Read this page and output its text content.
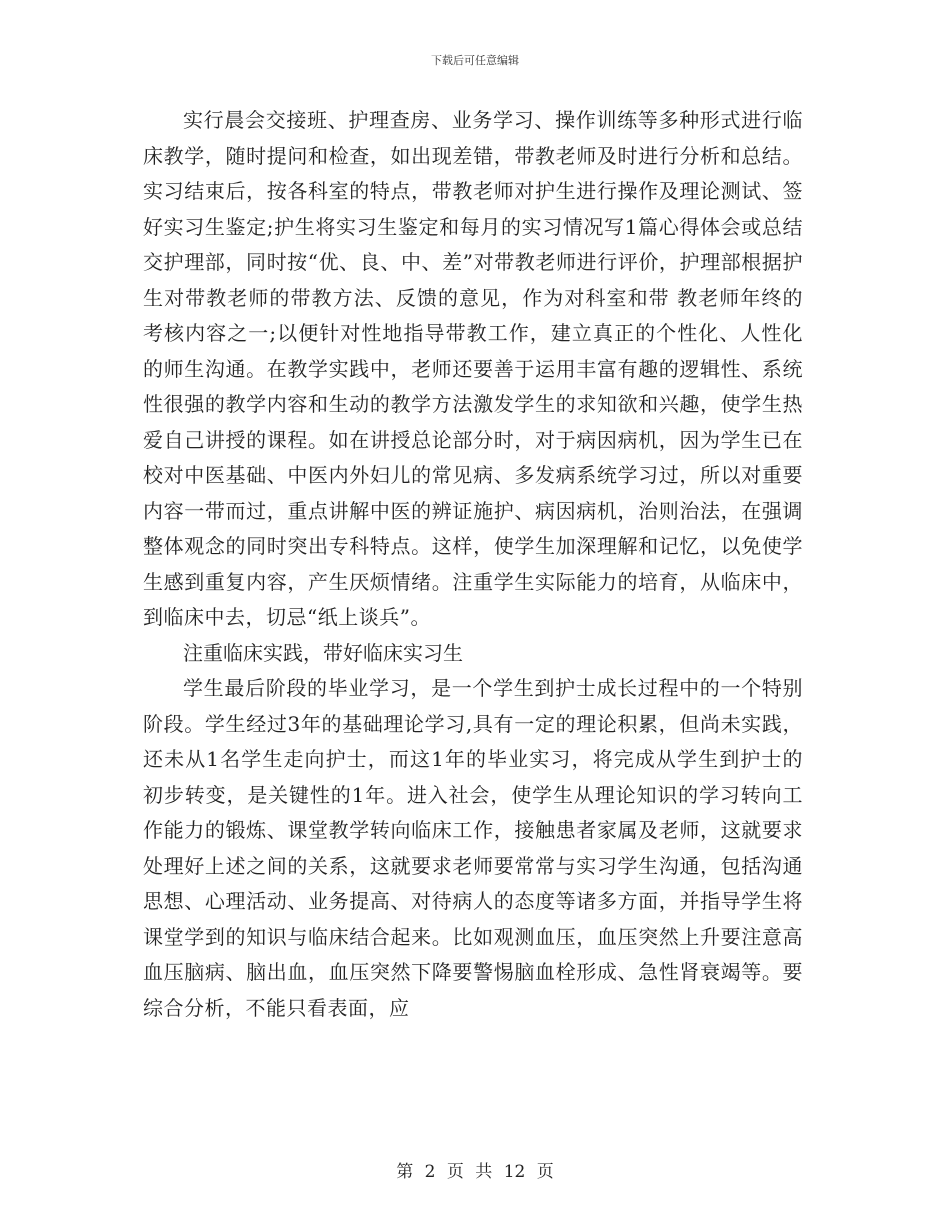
下载后可任意编辑

实行晨会交接班、护理查房、业务学习、操作训练等多种形式进行临床教学，随时提问和检查，如出现差错，带教老师及时进行分析和总结。实习结束后，按各科室的特点，带教老师对护生进行操作及理论测试、签好实习生鉴定;护生将实习生鉴定和每月的实习情况写1篇心得体会或总结交护理部，同时按“优、良、中、差”对带教老师进行评价，护理部根据护生对带教老师的带教方法、反馈的意见，作为对科室和带 教老师年终的考核内容之一;以便针对性地指导带教工作，建立真正的个性化、人性化的师生沟通。在教学实践中，老师还要善于运用丰富有趣的逻辑性、系统性很强的教学内容和生动的教学方法激发学生的求知欲和兴趣，使学生热爱自己讲授的课程。如在讲授总论部分时，对于病因病机，因为学生已在校对中医基础、中医内外妇儿的常见病、多发病系统学习过，所以对重要内容一带而过，重点讲解中医的辨证施护、病因病机，治则治法，在强调整体观念的同时突出专科特点。这样，使学生加深理解和记忆，以免使学生感到重复内容，产生厌烦情绪。注重学生实际能力的培育，从临床中，到临床中去，切忌“纸上谈兵”。

注重临床实践，带好临床实习生

学生最后阶段的毕业学习，是一个学生到护士成长过程中的一个特别阶段。学生经过3年的基础理论学习,具有一定的理论积累，但尚未实践，还未从1名学生走向护士，而这1年的毕业实习，将完成从学生到护士的初步转变，是关键性的1年。进入社会，使学生从理论知识的学习转向工作能力的锻炼、课堂教学转向临床工作，接触患者家属及老师，这就要求处理好上述之间的关系，这就要求老师要常常与实习学生沟通，包括沟通思想、心理活动、业务提高、对待病人的态度等诸多方面，并指导学生将课堂学到的知识与临床结合起来。比如观测血压，血压突然上升要注意高血压脑病、脑出血，血压突然下降要警惕脑血栓形成、急性肾衰竭等。要综合分析，不能只看表面，应

第 2 页 共 12 页
